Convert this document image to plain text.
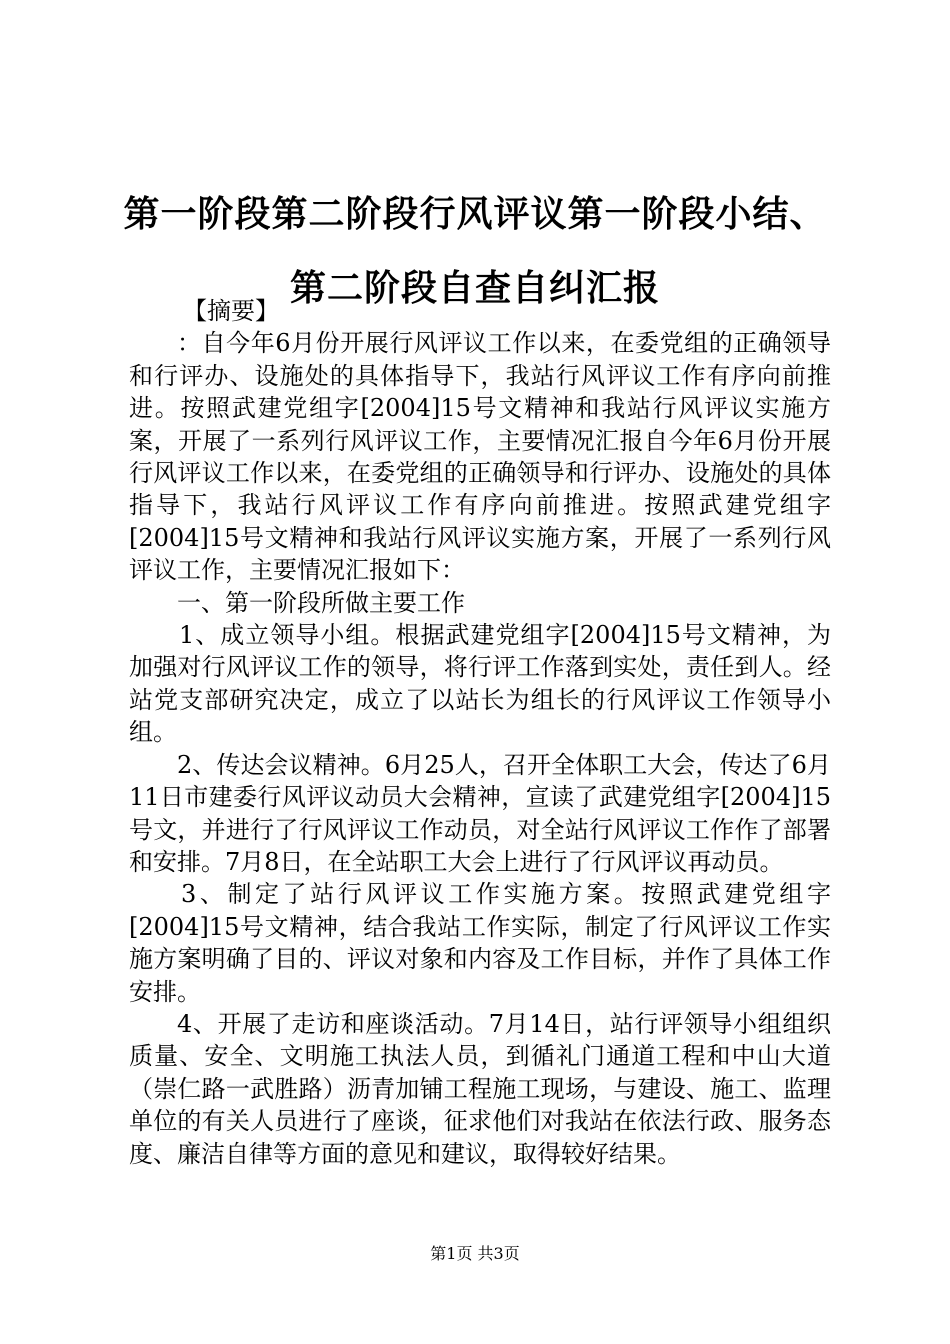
第一阶段第二阶段行风评议第一阶段小结、第二阶段自查自纠汇报

【摘要】

：自今年6月份开展行风评议工作以来，在委党组的正确领导和行评办、设施处的具体指导下，我站行风评议工作有序向前推进。按照武建党组字[2004]15号文精神和我站行风评议实施方案，开展了一系列行风评议工作，主要情况汇报自今年6月份开展行风评议工作以来，在委党组的正确领导和行评办、设施处的具体指导下，我站行风评议工作有序向前推进。按照武建党组字[2004]15号文精神和我站行风评议实施方案，开展了一系列行风评议工作，主要情况汇报如下：

一、第一阶段所做主要工作

1、成立领导小组。根据武建党组字[2004]15号文精神，为加强对行风评议工作的领导，将行评工作落到实处，责任到人。经站党支部研究决定，成立了以站长为组长的行风评议工作领导小组。

2、传达会议精神。6月25人，召开全体职工大会，传达了6月11日市建委行风评议动员大会精神，宣读了武建党组字[2004]15号文，并进行了行风评议工作动员，对全站行风评议工作作了部署和安排。7月8日，在全站职工大会上进行了行风评议再动员。

3、制定了站行风评议工作实施方案。按照武建党组字[2004]15号文精神，结合我站工作实际，制定了行风评议工作实施方案明确了目的、评议对象和内容及工作目标，并作了具体工作安排。

4、开展了走访和座谈活动。7月14日，站行评领导小组组织质量、安全、文明施工执法人员，到循礼门通道工程和中山大道（崇仁路一武胜路）沥青加铺工程施工现场，与建设、施工、监理单位的有关人员进行了座谈，征求他们对我站在依法行政、服务态度、廉洁自律等方面的意见和建议，取得较好结果。

第1页 共3页
